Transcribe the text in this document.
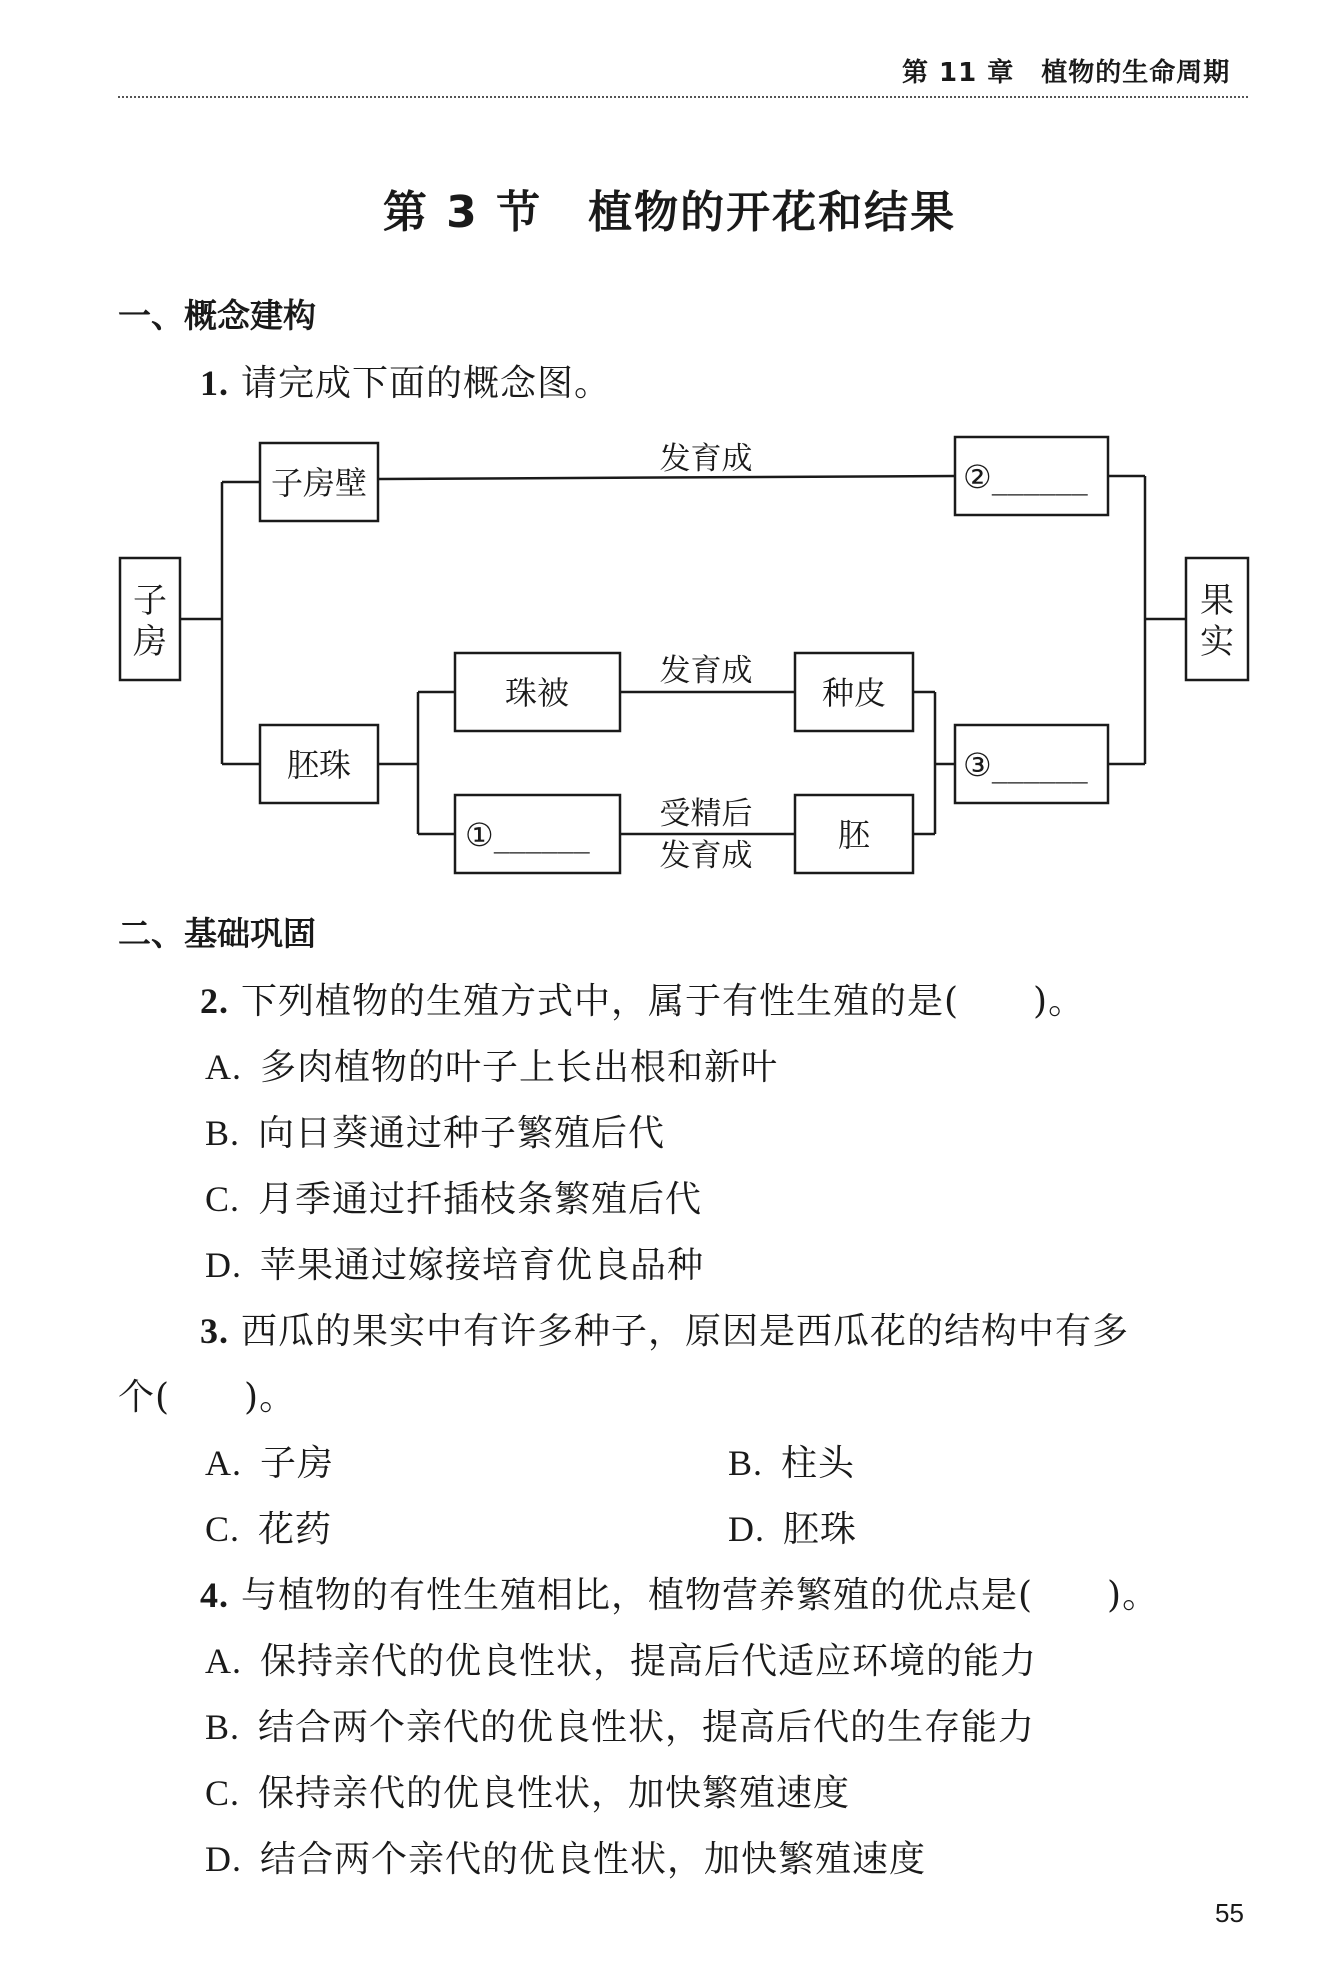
第 11 章　植物的生命周期
第 3 节　植物的开花和结果
一、概念建构
1. 请完成下面的概念图。
子
房
子房壁
胚珠
珠被
①______
种皮
胚
②______
③______
果
实
发育成
发育成
受精后
发育成
二、基础巩固
2. 下列植物的生殖方式中，属于有性生殖的是(　　)。
A. 多肉植物的叶子上长出根和新叶
B. 向日葵通过种子繁殖后代
C. 月季通过扦插枝条繁殖后代
D. 苹果通过嫁接培育优良品种
3. 西瓜的果实中有许多种子，原因是西瓜花的结构中有多
个(　　)。
A. 子房	B. 柱头
C. 花药	D. 胚珠
4. 与植物的有性生殖相比，植物营养繁殖的优点是(　　)。
A. 保持亲代的优良性状，提高后代适应环境的能力
B. 结合两个亲代的优良性状，提高后代的生存能力
C. 保持亲代的优良性状，加快繁殖速度
D. 结合两个亲代的优良性状，加快繁殖速度
55
